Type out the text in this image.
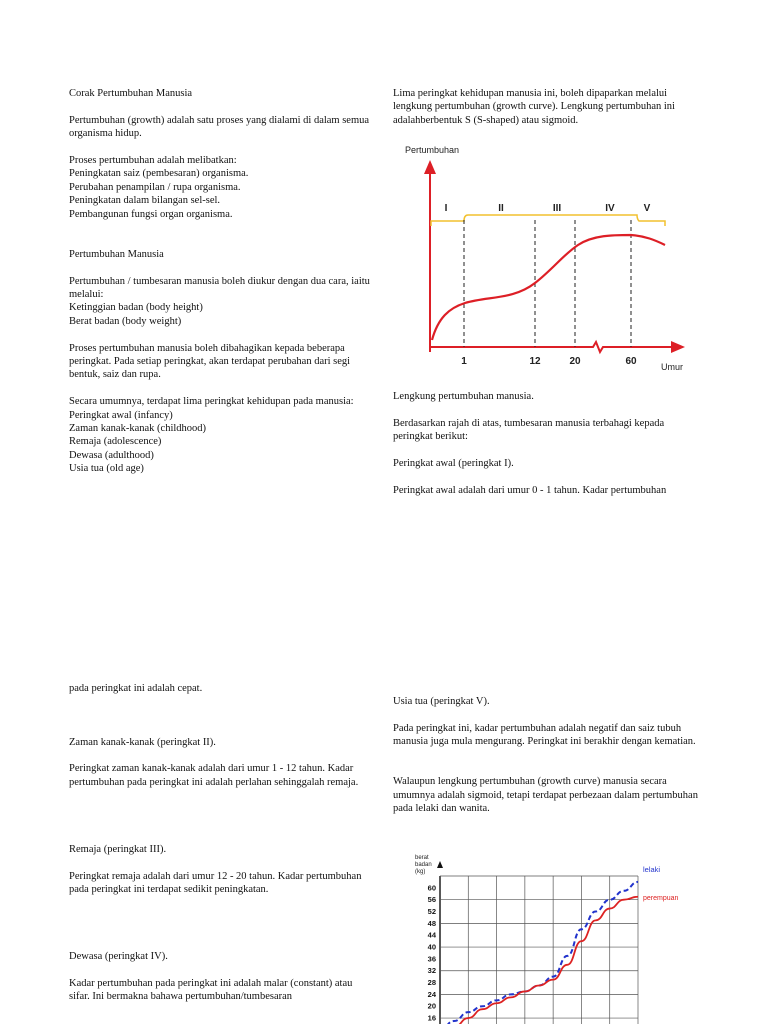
Corak Pertumbuhan Manusia

Pertumbuhan (growth) adalah satu proses yang dialami di dalam semua organisma hidup.

Proses pertumbuhan adalah melibatkan:

Peningkatan saiz (pembesaran) organisma.

Perubahan penampilan / rupa organisma.

Peningkatan dalam bilangan sel-sel.

Pembangunan fungsi organ organisma.

Pertumbuhan Manusia

Pertumbuhan / tumbesaran manusia boleh diukur dengan dua cara, iaitu melalui:

Ketinggian badan (body height)

Berat badan (body weight)

Proses pertumbuhan manusia boleh dibahagikan kepada beberapa peringkat. Pada setiap peringkat, akan terdapat perubahan dari segi bentuk, saiz dan rupa.

Secara umumnya, terdapat lima peringkat kehidupan pada manusia:

Peringkat awal (infancy)

Zaman kanak-kanak (childhood)

Remaja (adolescence)

Dewasa (adulthood)

Usia tua (old age)

Lima peringkat kehidupan manusia ini, boleh dipaparkan melalui lengkung pertumbuhan (growth curve). Lengkung pertumbuhan ini adalahberbentuk S (S-shaped) atau sigmoid.

Pertumbuhan
I	II	III	IV	V
1	12	20	60	Umur

Lengkung pertumbuhan manusia.

Berdasarkan rajah di atas, tumbesaran manusia terbahagi kepada peringkat berikut:

Peringkat awal (peringkat I).

Peringkat awal adalah dari umur 0 - 1 tahun. Kadar pertumbuhan

pada peringkat ini adalah cepat.

Zaman kanak-kanak (peringkat II).

Peringkat zaman kanak-kanak adalah dari umur 1 - 12 tahun. Kadar pertumbuhan pada peringkat ini adalah perlahan sehinggalah remaja.

Remaja (peringkat III).

Peringkat remaja adalah dari umur 12 - 20 tahun. Kadar pertumbuhan pada peringkat ini terdapat sedikit peningkatan.

Dewasa (peringkat IV).

Kadar pertumbuhan pada peringkat ini adalah malar (constant) atau sifar. Ini bermakna bahawa pertumbuhan/tumbesaran

Usia tua (peringkat V).

Pada peringkat ini, kadar pertumbuhan adalah negatif dan saiz tubuh manusia juga mula mengurang. Peringkat ini berakhir dengan kematian.

Walaupun lengkung pertumbuhan (growth curve) manusia secara umumnya adalah sigmoid, tetapi terdapat perbezaan dalam pertumbuhan pada lelaki dan wanita.

berat
badan
(kg)
60
56
52
48
44
40
36
32
28
24
20
16
lelaki
perempuan
